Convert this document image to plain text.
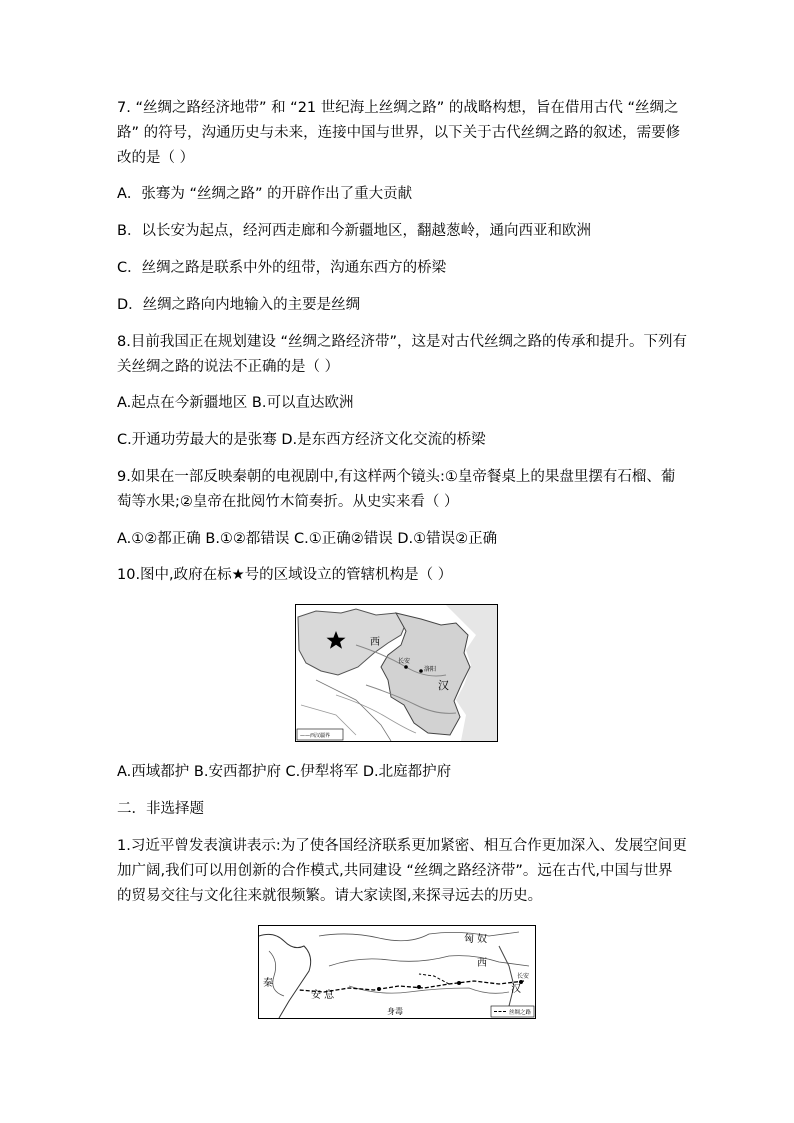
7. “丝绸之路经济地带” 和 “21 世纪海上丝绸之路” 的战略构想，旨在借用古代 “丝绸之
路” 的符号，沟通历史与未来，连接中国与世界，以下关于古代丝绸之路的叙述，需要修
改的是（ ）
A．张骞为 “丝绸之路” 的开辟作出了重大贡献
B．以长安为起点，经河西走廊和今新疆地区，翻越葱岭，通向西亚和欧洲
C．丝绸之路是联系中外的纽带，沟通东西方的桥梁
D．丝绸之路向内地输入的主要是丝绸
8.目前我国正在规划建设 “丝绸之路经济带”，这是对古代丝绸之路的传承和提升。下列有
关丝绸之路的说法不正确的是（ ）
A.起点在今新疆地区 B.可以直达欧洲
C.开通功劳最大的是张骞 D.是东西方经济文化交流的桥梁
9.如果在一部反映秦朝的电视剧中,有这样两个镜头:①皇帝餐桌上的果盘里摆有石榴、葡
萄等水果;②皇帝在批阅竹木简奏折。从史实来看（ ）
A.①②都正确 B.①②都错误 C.①正确②错误 D.①错误②正确
10.图中,政府在标★号的区域设立的管辖机构是（ ）
西
长安
洛阳
汉
——西汉疆界
A.西域都护 B.安西都护府 C.伊犁将军 D.北庭都护府
二．非选择题
1.习近平曾发表演讲表示:为了使各国经济联系更加紧密、相互合作更加深入、发展空间更
加广阔,我们可以用创新的合作模式,共同建设 “丝绸之路经济带”。远在古代,中国与世界
的贸易交往与文化往来就很频繁。请大家读图,来探寻远去的历史。
匈 奴
西
汉
长安
秦
安 息
身毒	丝绸之路
